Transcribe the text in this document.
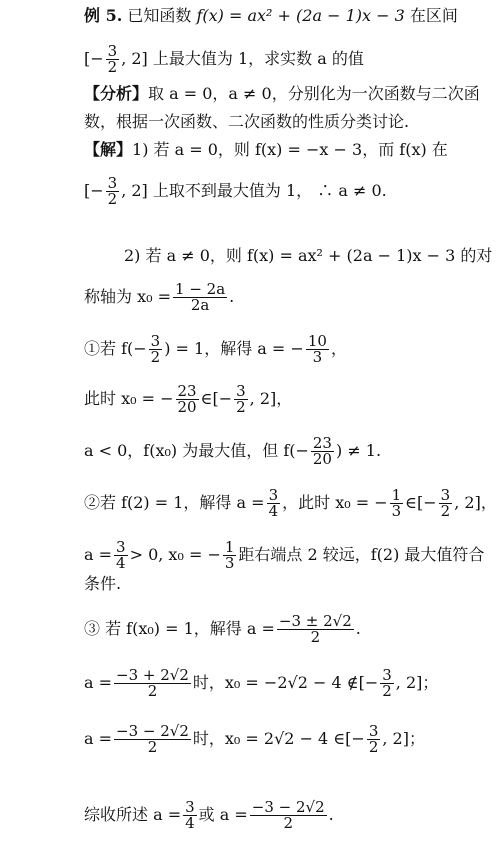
例 5. 已知函数 f(x) = ax² + (2a − 1)x − 3 在区间
[− $\frac{3}{2}$ , 2] 上最大值为 1，求实数 a 的值
【分析】取 a = 0，a ≠ 0，分别化为一次函数与二次函
数，根据一次函数、二次函数的性质分类讨论.
【解】1) 若 a = 0，则 f(x) = −x − 3，而 f(x) 在
[− $\frac{3}{2}$ , 2] 上取不到最大值为 1， ∴ a ≠ 0.
2) 若 a ≠ 0，则 f(x) = ax² + (2a − 1)x − 3 的对
称轴为 $x_0 = \frac{1 - 2a}{2a}$ .
①若 $f(- \frac{3}{2}$ ) = 1，解得 a = − $\frac{10}{3}$ ，
此时 x₀ = − $\frac{23}{20}$ ∈[− $\frac{3}{2}$ , 2]，
a < 0，f(x₀) 为最大值，但 $f(- \frac{23}{20}$ ) ≠ 1.
②若 f(2) = 1，解得 $a = \frac{3}{4}$ ，此时 x₀ = − $\frac{1}{3}$ ∈[− $\frac{3}{2}$ , 2]，
$a = \frac{3}{4} > 0$, x₀ = − $\frac{1}{3}$ 距右端点 2 较远，f(2) 最大值符合
条件.
③ 若 f(x₀) = 1，解得 $a = \frac{-3 \pm 2√2}{2}$ .
$a = \frac{-3 + 2√2}{2}$ 时，x₀ = −2√2 − 4 ∉[− $\frac{3}{2}$ , 2]；
$a = \frac{-3 - 2√2}{2}$ 时，x₀ = 2√2 − 4 ∈[− $\frac{3}{2}$ , 2]；
综收所述 $a = \frac{3}{4}$ 或 $a = \frac{-3 - 2√2}{2}$ .
